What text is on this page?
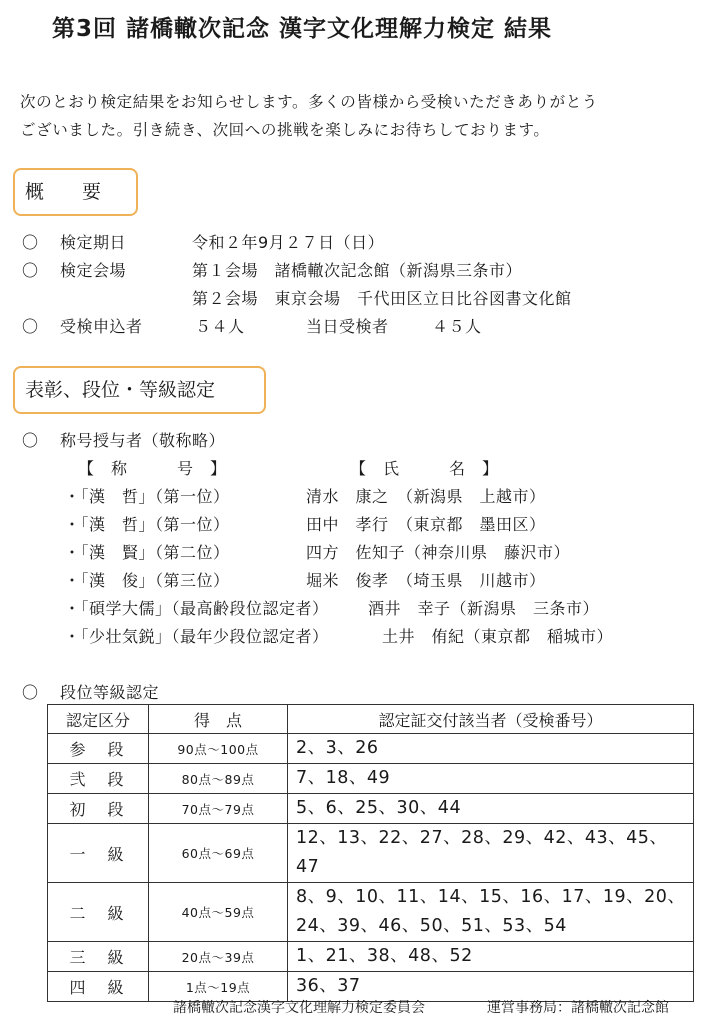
第3回 諸橋轍次記念 漢字文化理解力検定 結果
次のとおり検定結果をお知らせします。多くの皆様から受検いただきありがとう
ございました。引き続き、次回への挑戦を楽しみにお待ちしております。
概　　要
〇 検定期日	令和２年9月２７日（日）
〇 検定会場	第１会場　諸橋轍次記念館（新潟県三条市）
第２会場　東京会場　千代田区立日比谷図書文化館
〇 受検申込者	５４人	当日受検者	４５人
表彰、段位・等級認定
〇 称号授与者（敬称略）
【　称　　　号　】	【　氏　　　名　】
・「漢　哲」（第一位）	清水　康之　（新潟県　上越市）
・「漢　哲」（第一位）	田中　孝行　（東京都　墨田区）
・「漢　賢」（第二位）	四方　佐知子（神奈川県　藤沢市）
・「漢　俊」（第三位）	堀米　俊孝　（埼玉県　川越市）
・「碩学大儒」（最高齢段位認定者） 酒井　幸子（新潟県　三条市）
・「少壮気鋭」（最年少段位認定者）	土井　侑紀（東京都　稲城市）
〇 段位等級認定
認定区分	得　点	認定証交付該当者（受検番号）
参　段	90点〜100点	2、3、26
弐　段	80点〜89点	7、18、49
初　段	70点〜79点	5、6、25、30、44
一　級	60点〜69点	12、13、22、27、28、29、42、43、45、47
二　級	40点〜59点	8、9、10、11、14、15、16、17、19、20、24、39、46、50、51、53、54
三　級	20点〜39点	1、21、38、48、52
四　級	1点〜19点	36、37
諸橋轍次記念漢字文化理解力検定委員会	運営事務局：諸橋轍次記念館
